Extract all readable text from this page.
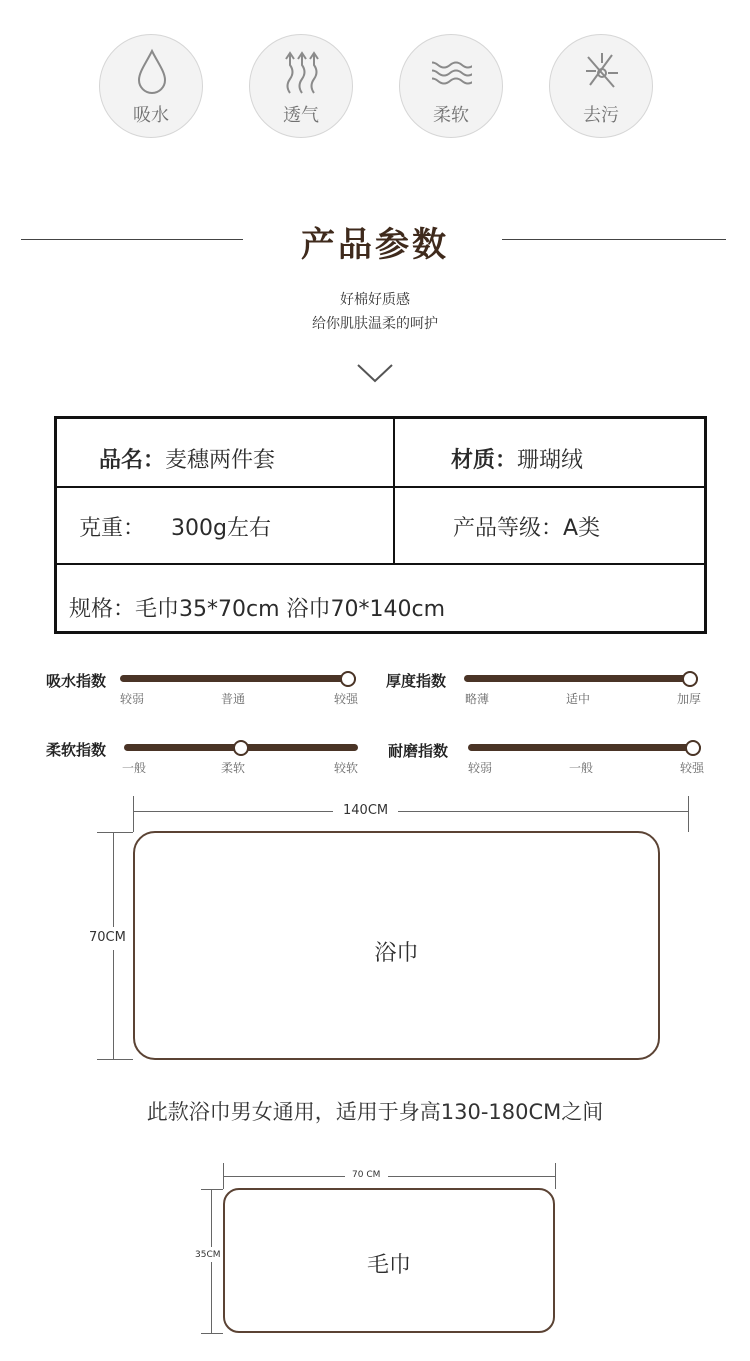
吸水	透气	柔软	去污
产品参数
好棉好质感
给你肌肤温柔的呵护
品名：麦穗两件套	材质：珊瑚绒
克重： 300g左右	产品等级：A类
规格：毛巾35*70cm 浴巾70*140cm
吸水指数
较弱	普通	较强
厚度指数
略薄	适中	加厚
柔软指数
一般	柔软	较软
耐磨指数
较弱	一般	较强
140CM
70CM
浴巾
此款浴巾男女通用，适用于身高130-180CM之间
70 CM
35CM	毛巾
